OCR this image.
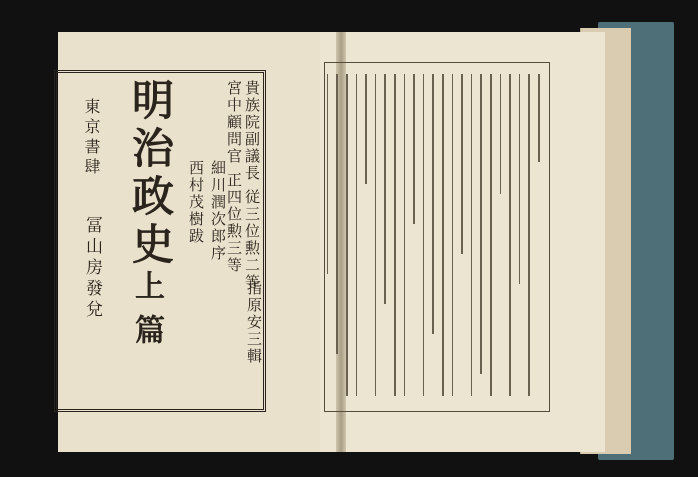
明治政史
上篇
貴族院副議長 従三位勲二等
宮中顧問官 正四位勲三等
細川潤次郎序
西村茂樹跋
指原安三輯
東京書肆
冨山房發兌
